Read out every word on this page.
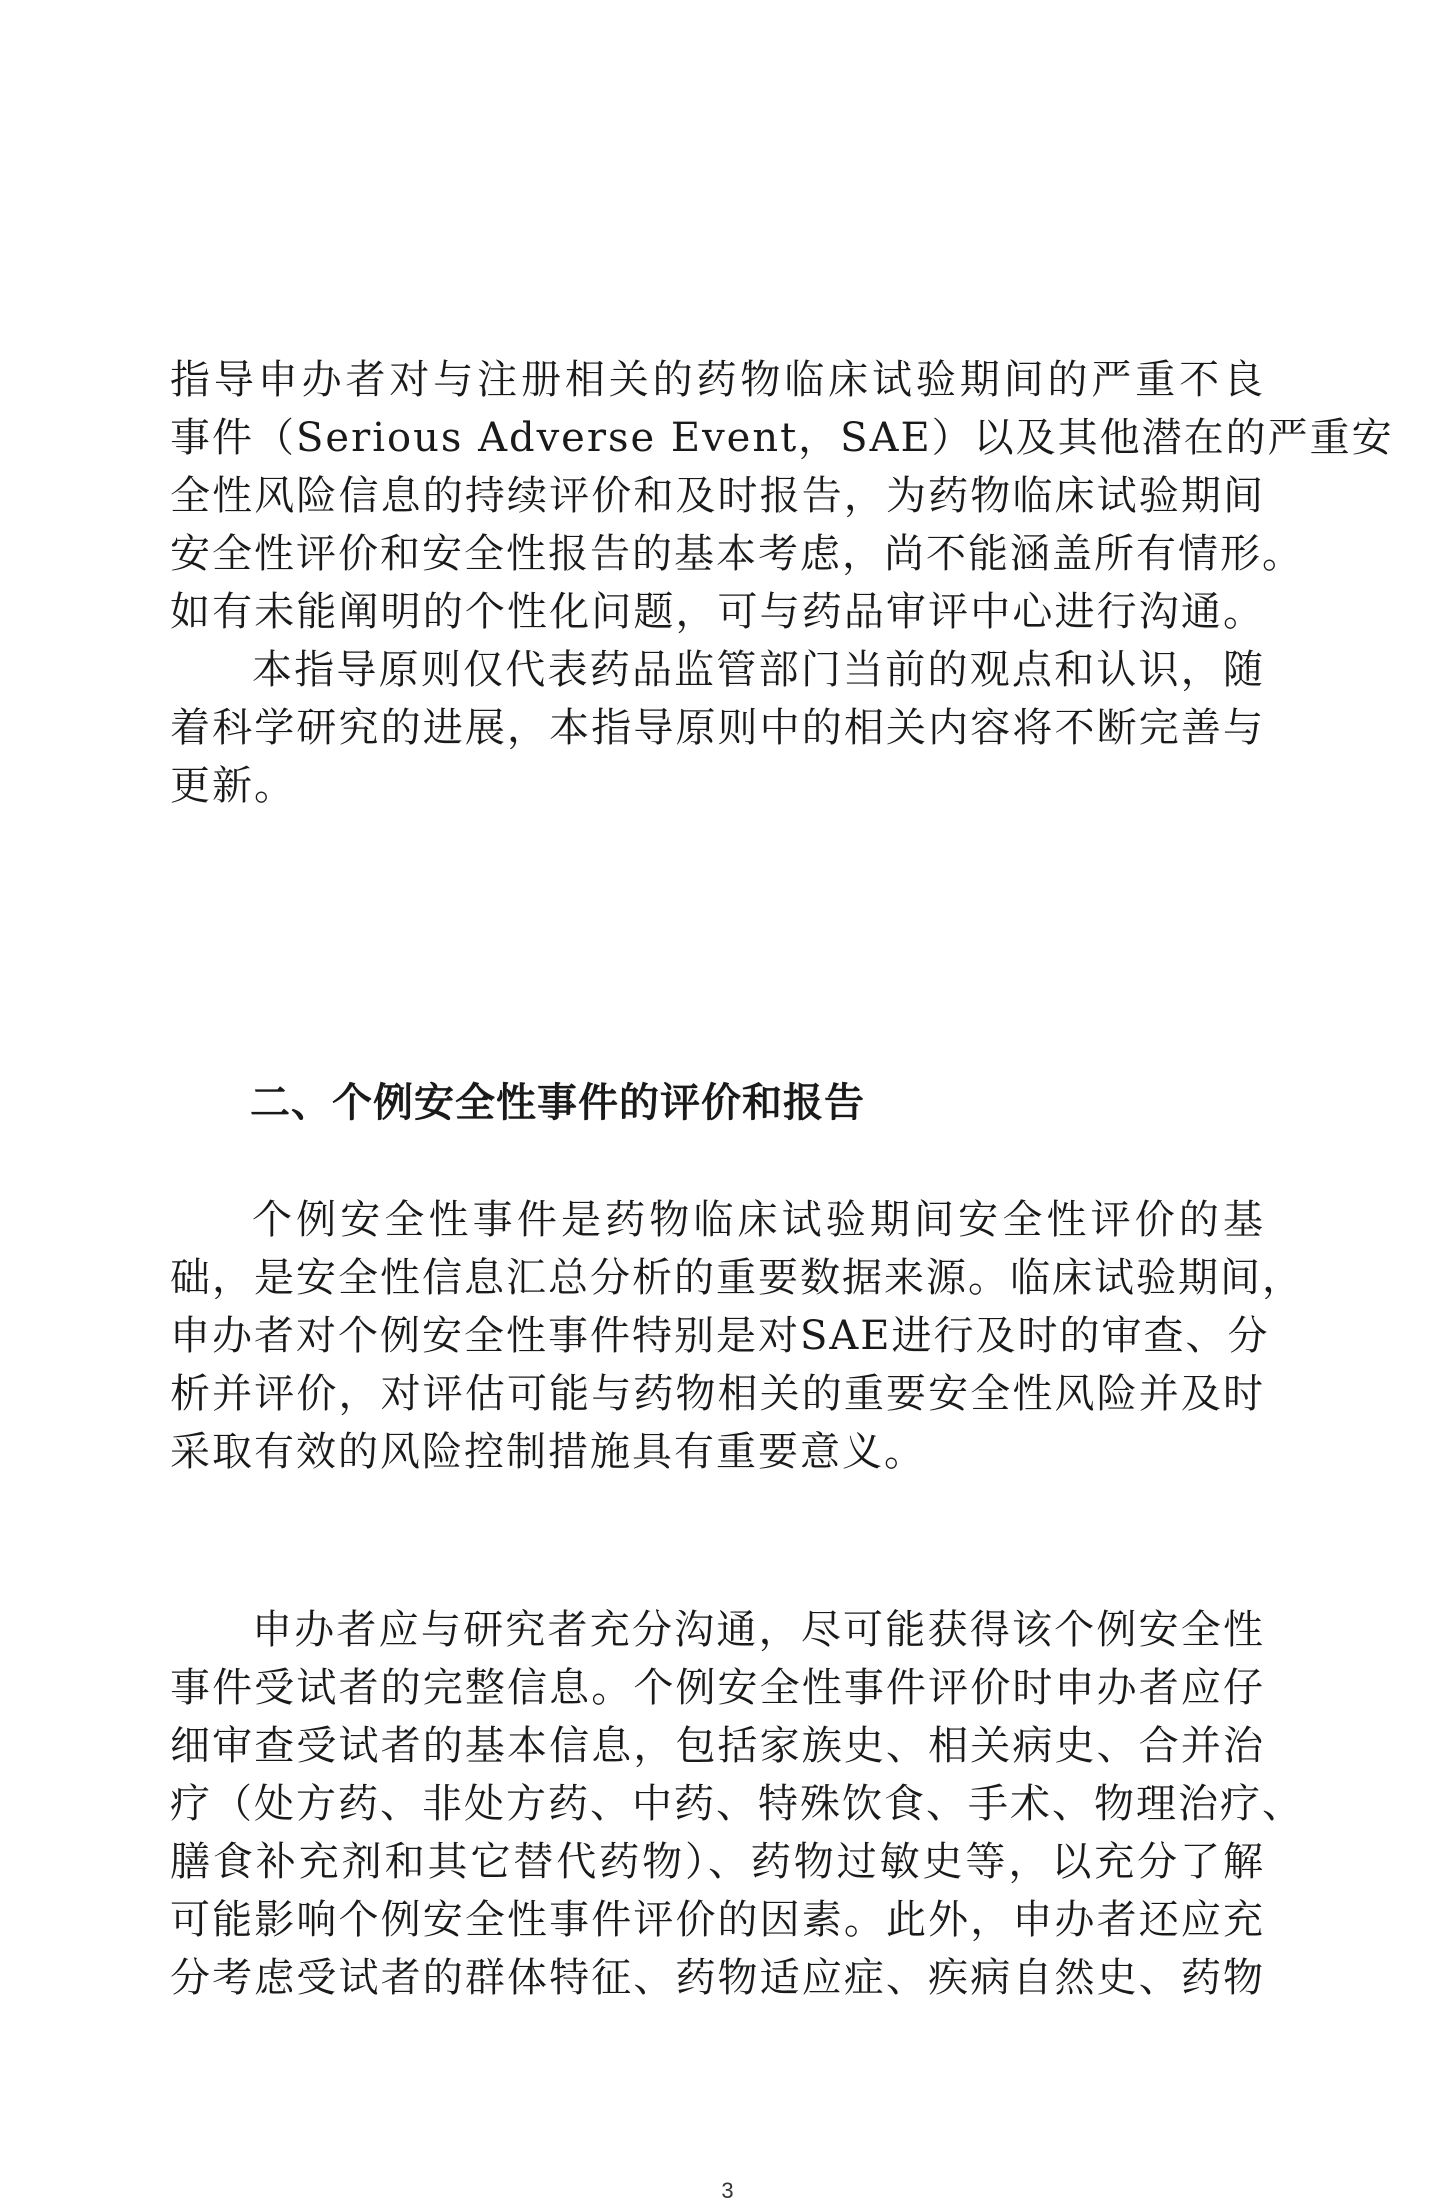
指导申办者对与注册相关的药物临床试验期间的严重不良
事件（Serious Adverse Event，SAE）以及其他潜在的严重安
全性风险信息的持续评价和及时报告，为药物临床试验期间
安全性评价和安全性报告的基本考虑，尚不能涵盖所有情形。
如有未能阐明的个性化问题，可与药品审评中心进行沟通。
本指导原则仅代表药品监管部门当前的观点和认识，随
着科学研究的进展，本指导原则中的相关内容将不断完善与
更新。
二、个例安全性事件的评价和报告
个例安全性事件是药物临床试验期间安全性评价的基
础，是安全性信息汇总分析的重要数据来源。临床试验期间，
申办者对个例安全性事件特别是对SAE进行及时的审查、分
析并评价，对评估可能与药物相关的重要安全性风险并及时
采取有效的风险控制措施具有重要意义。
申办者应与研究者充分沟通，尽可能获得该个例安全性
事件受试者的完整信息。个例安全性事件评价时申办者应仔
细审查受试者的基本信息，包括家族史、相关病史、合并治
疗（处方药、非处方药、中药、特殊饮食、手术、物理治疗、
膳食补充剂和其它替代药物）、药物过敏史等，以充分了解
可能影响个例安全性事件评价的因素。此外，申办者还应充
分考虑受试者的群体特征、药物适应症、疾病自然史、药物
3
